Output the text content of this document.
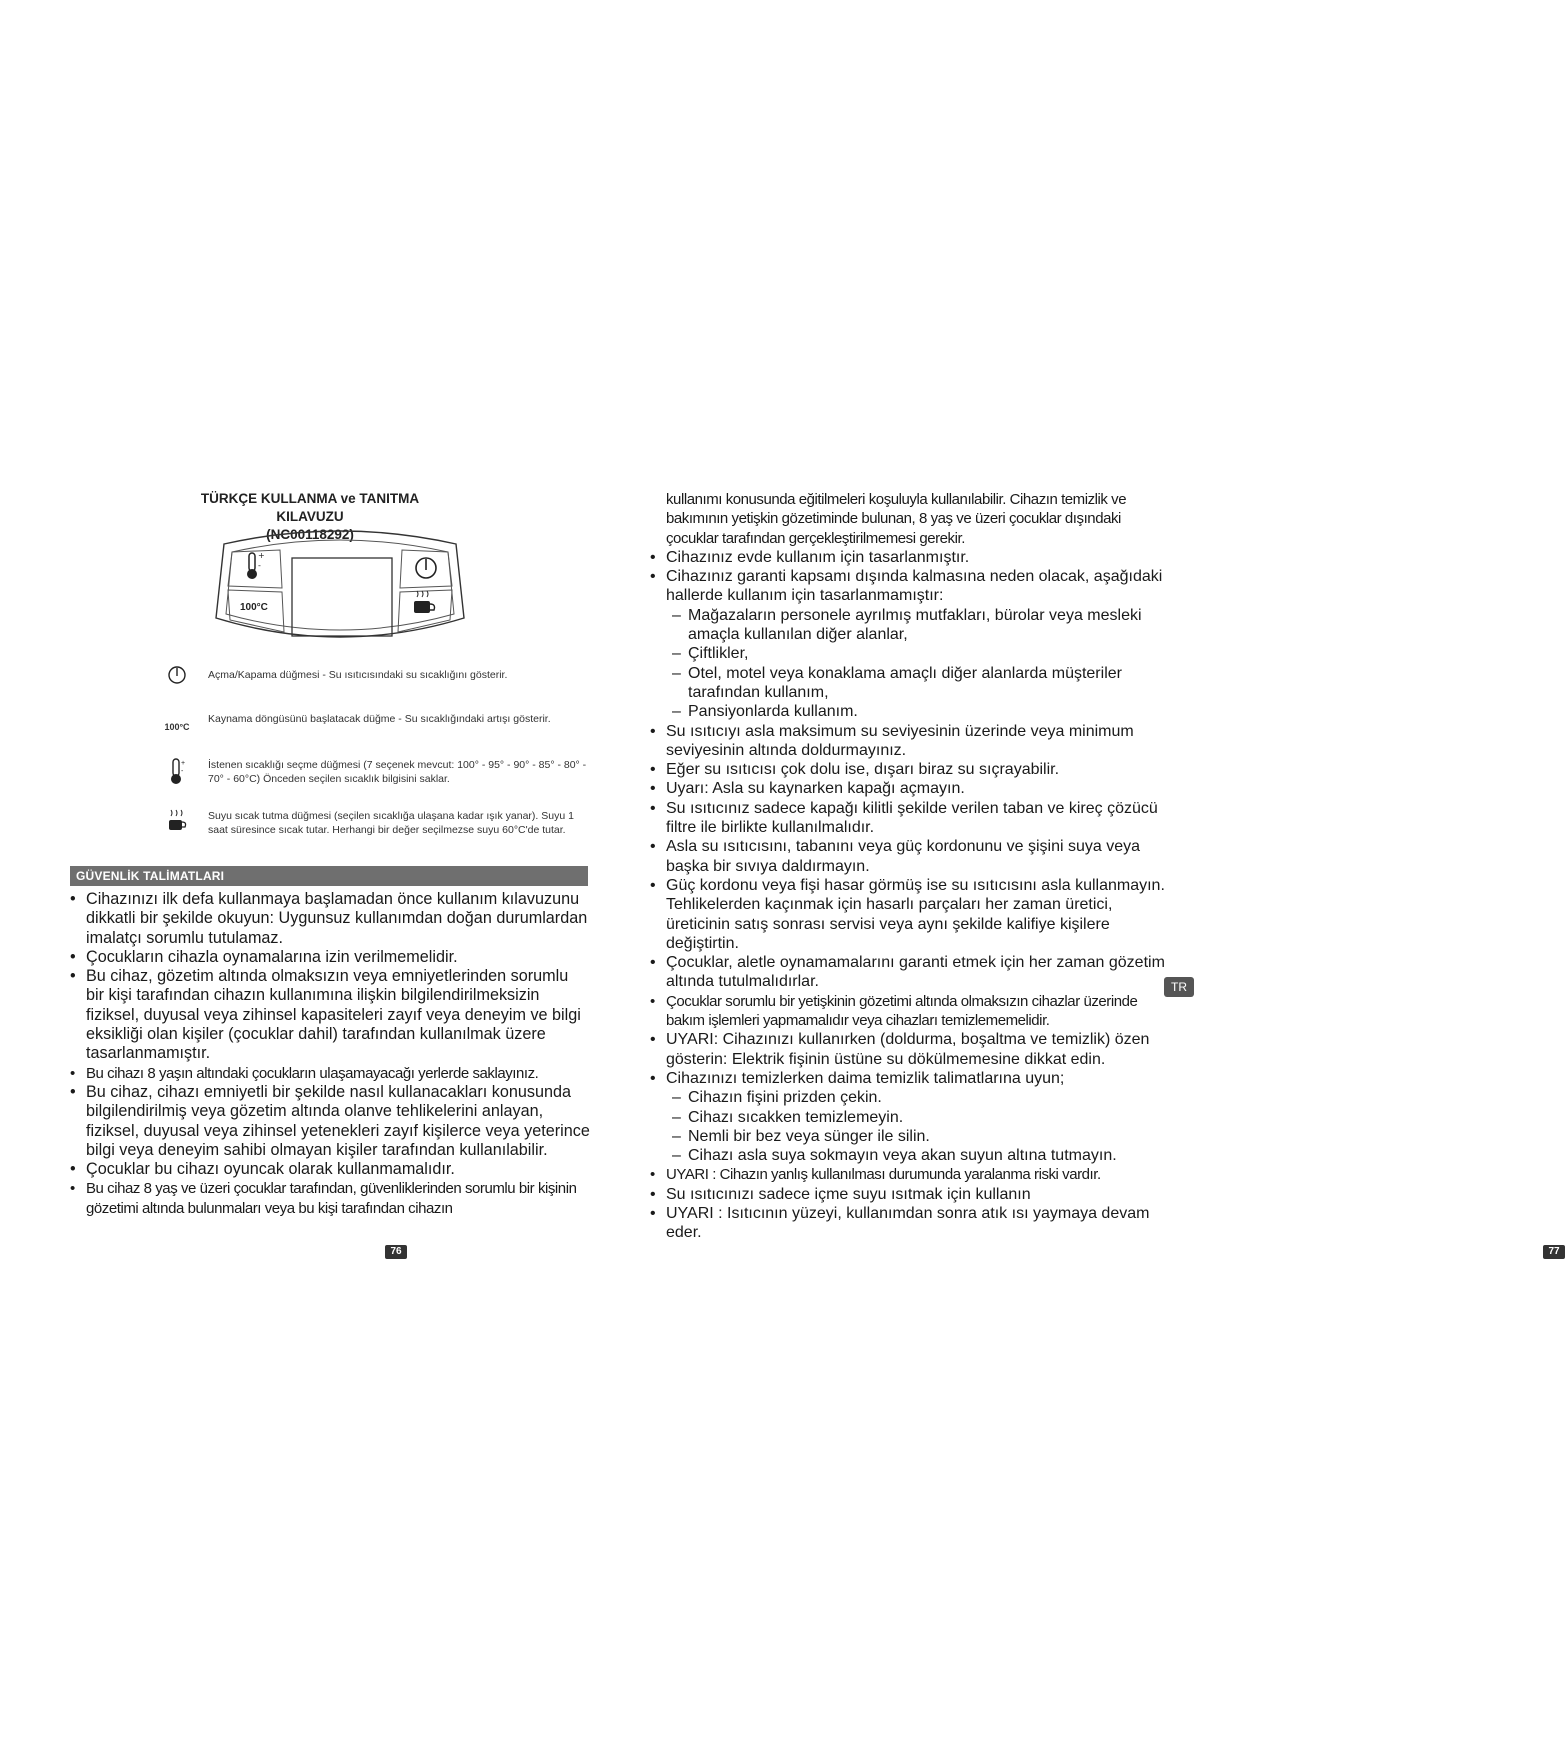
TÜRKÇE KULLANMA ve TANITMA KILAVUZU
(NC00118292)
+
-
100°C
Açma/Kapama düğmesi - Su ısıtıcısındaki su sıcaklığını gösterir.
100°C
Kaynama döngüsünü başlatacak düğme - Su sıcaklığındaki artışı gösterir.
+
-
İstenen sıcaklığı seçme düğmesi (7 seçenek mevcut: 100° - 95° - 90° - 85° - 80° - 70° - 60°C) Önceden seçilen sıcaklık bilgisini saklar.
Suyu sıcak tutma düğmesi (seçilen sıcaklığa ulaşana kadar ışık yanar). Suyu 1 saat süresince sıcak tutar. Herhangi bir değer seçilmezse suyu 60°C'de tutar.
GÜVENLİK TALİMATLARI
• Cihazınızı ilk defa kullanmaya başlamadan önce kullanım kılavuzunu dikkatli bir şekilde okuyun: Uygunsuz kullanımdan doğan durumlardan imalatçı sorumlu tutulamaz.
• Çocukların cihazla oynamalarına izin verilmemelidir.
• Bu cihaz, gözetim altında olmaksızın veya emniyetlerinden sorumlu bir kişi tarafından cihazın kullanımına ilişkin bilgilendirilmeksizin fiziksel, duyusal veya zihinsel kapasiteleri zayıf veya deneyim ve bilgi eksikliği olan kişiler (çocuklar dahil) tarafından kullanılmak üzere tasarlanmamıştır.
• Bu cihazı 8 yaşın altındaki çocukların ulaşamayacağı yerlerde saklayınız.
• Bu cihaz, cihazı emniyetli bir şekilde nasıl kullanacakları konusunda bilgilendirilmiş veya gözetim altında olanve tehlikelerini anlayan, fiziksel, duyusal veya zihinsel yetenekleri zayıf kişilerce veya yeterince bilgi veya deneyim sahibi olmayan kişiler tarafından kullanılabilir.
• Çocuklar bu cihazı oyuncak olarak kullanmamalıdır.
• Bu cihaz 8 yaş ve üzeri çocuklar tarafından, güvenliklerinden sorumlu bir kişinin gözetimi altında bulunmaları veya bu kişi tarafından cihazın
76
kullanımı konusunda eğitilmeleri koşuluyla kullanılabilir. Cihazın temizlik ve bakımının yetişkin gözetiminde bulunan, 8 yaş ve üzeri çocuklar dışındaki çocuklar tarafından gerçekleştirilmemesi gerekir.
• Cihazınız evde kullanım için tasarlanmıştır.
• Cihazınız garanti kapsamı dışında kalmasına neden olacak, aşağıdaki hallerde kullanım için tasarlanmamıştır:
– Mağazaların personele ayrılmış mutfakları, bürolar veya mesleki amaçla kullanılan diğer alanlar,
– Çiftlikler,
– Otel, motel veya konaklama amaçlı diğer alanlarda müşteriler tarafından kullanım,
– Pansiyonlarda kullanım.
• Su ısıtıcıyı asla maksimum su seviyesinin üzerinde veya minimum seviyesinin altında doldurmayınız.
• Eğer su ısıtıcısı çok dolu ise, dışarı biraz su sıçrayabilir.
• Uyarı: Asla su kaynarken kapağı açmayın.
• Su ısıtıcınız sadece kapağı kilitli şekilde verilen taban ve kireç çözücü filtre ile birlikte kullanılmalıdır.
• Asla su ısıtıcısını, tabanını veya güç kordonunu ve şişini suya veya başka bir sıvıya daldırmayın.
• Güç kordonu veya fişi hasar görmüş ise su ısıtıcısını asla kullanmayın. Tehlikelerden kaçınmak için hasarlı parçaları her zaman üretici, üreticinin satış sonrası servisi veya aynı şekilde kalifiye kişilere değiştirtin.
• Çocuklar, aletle oynamamalarını garanti etmek için her zaman gözetim altında tutulmalıdırlar.
• Çocuklar sorumlu bir yetişkinin gözetimi altında olmaksızın cihazlar üzerinde bakım işlemleri yapmamalıdır veya cihazları temizlememelidir.
• UYARI: Cihazınızı kullanırken (doldurma, boşaltma ve temizlik) özen gösterin: Elektrik fişinin üstüne su dökülmemesine dikkat edin.
• Cihazınızı temizlerken daima temizlik talimatlarına uyun;
– Cihazın fişini prizden çekin.
– Cihazı sıcakken temizlemeyin.
– Nemli bir bez veya sünger ile silin.
– Cihazı asla suya sokmayın veya akan suyun altına tutmayın.
• UYARI : Cihazın yanlış kullanılması durumunda yaralanma riski vardır.
• Su ısıtıcınızı sadece içme suyu ısıtmak için kullanın
• UYARI : Isıtıcının yüzeyi, kullanımdan sonra atık ısı yaymaya devam eder.
77
TR
